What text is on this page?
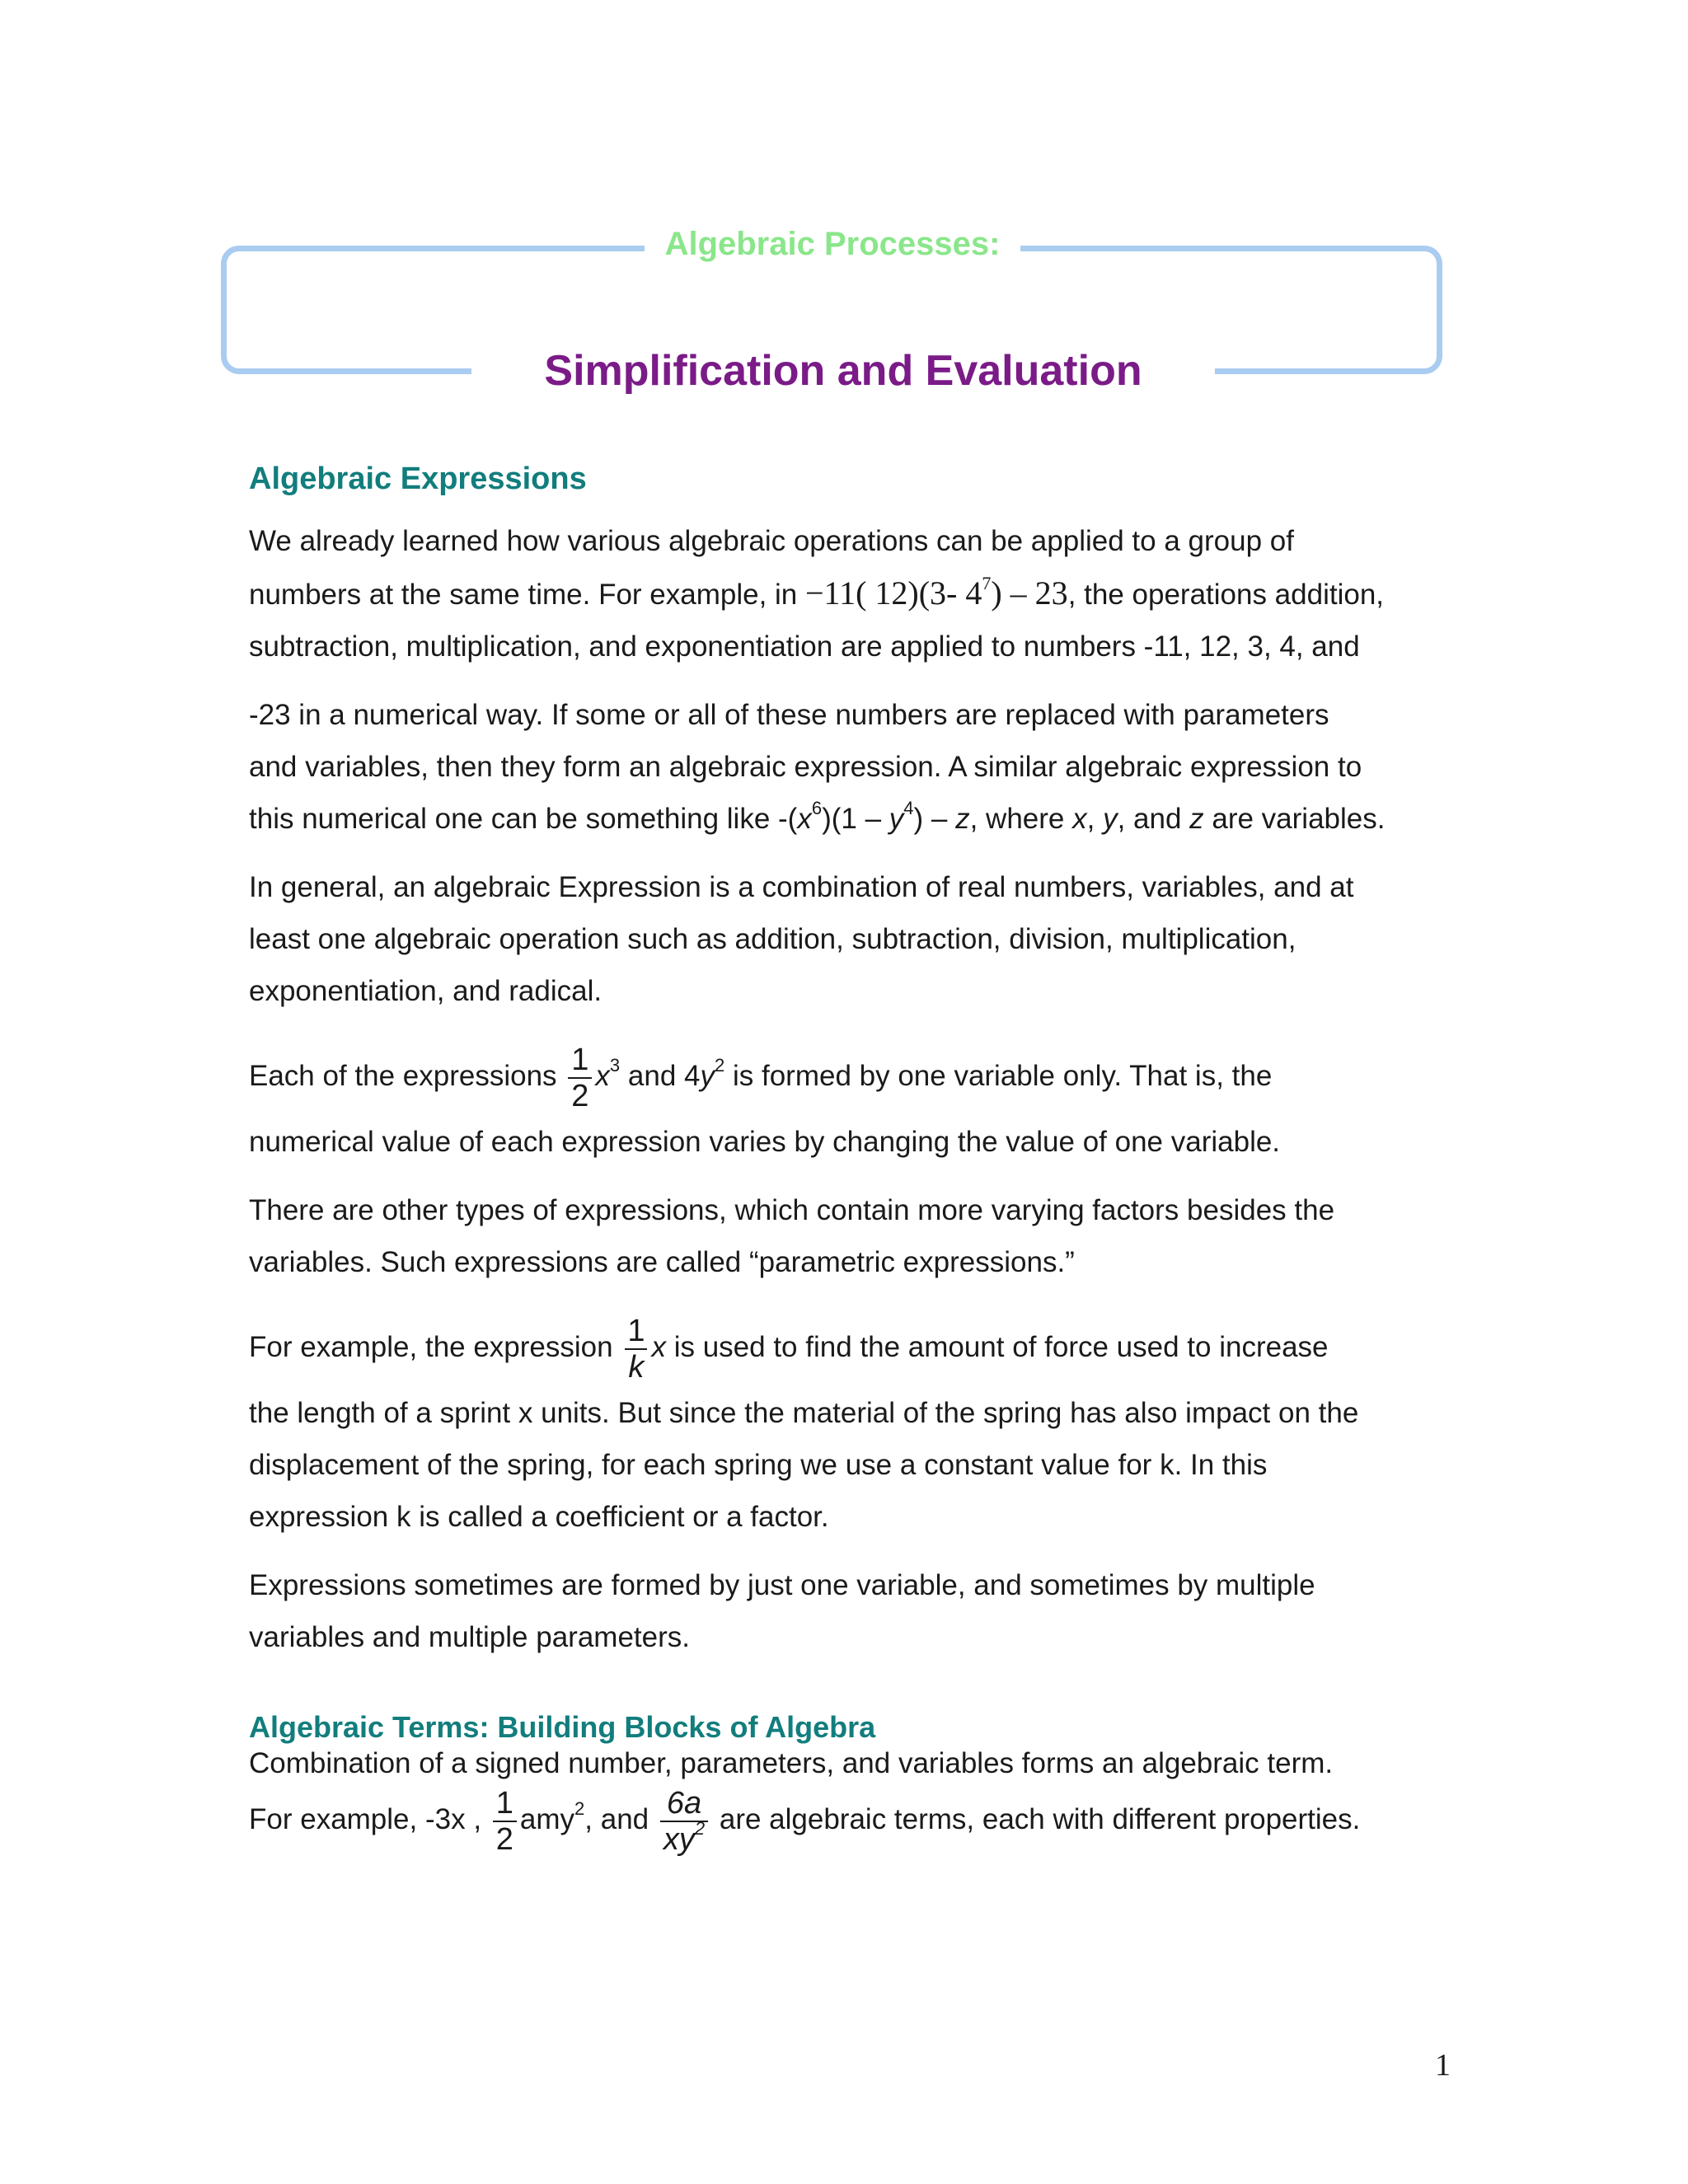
Algebraic Processes:
Simplification and Evaluation
Algebraic Expressions

We already learned how various algebraic operations can be applied to a group of
numbers at the same time. For example, in −11( 12)(3- $4^7) - 23$, the operations addition,
subtraction, multiplication, and exponentiation are applied to numbers -11, 12, 3, 4, and

-23 in a numerical way. If some or all of these numbers are replaced with parameters
and variables, then they form an algebraic expression. A similar algebraic expression to
this numerical one can be something like $-(x^6)(1 - y^4)$ – z, where x, y, and z are variables.

In general, an algebraic Expression is a combination of real numbers, variables, and at
least one algebraic operation such as addition, subtraction, division, multiplication,
exponentiation, and radical.

Each of the expressions $\frac{1}{2} x^3$ and $4y^2$ is formed by one variable only. That is, the

numerical value of each expression varies by changing the value of one variable.

There are other types of expressions, which contain more varying factors besides the
variables. Such expressions are called “parametric expressions.”

For example, the expression $\frac{1}{k}$ x is used to find the amount of force used to increase

the length of a sprint x units. But since the material of the spring has also impact on the
displacement of the spring, for each spring we use a constant value for k. In this
expression k is called a coefficient or a factor.

Expressions sometimes are formed by just one variable, and sometimes by multiple
variables and multiple parameters.

Algebraic Terms: Building Blocks of Algebra

Combination of a signed number, parameters, and variables forms an algebraic term.

For example, -3x , $\frac{1}{2} amy^2$, and $\frac{6a}{xy^2}$ are algebraic terms, each with different properties.

1
